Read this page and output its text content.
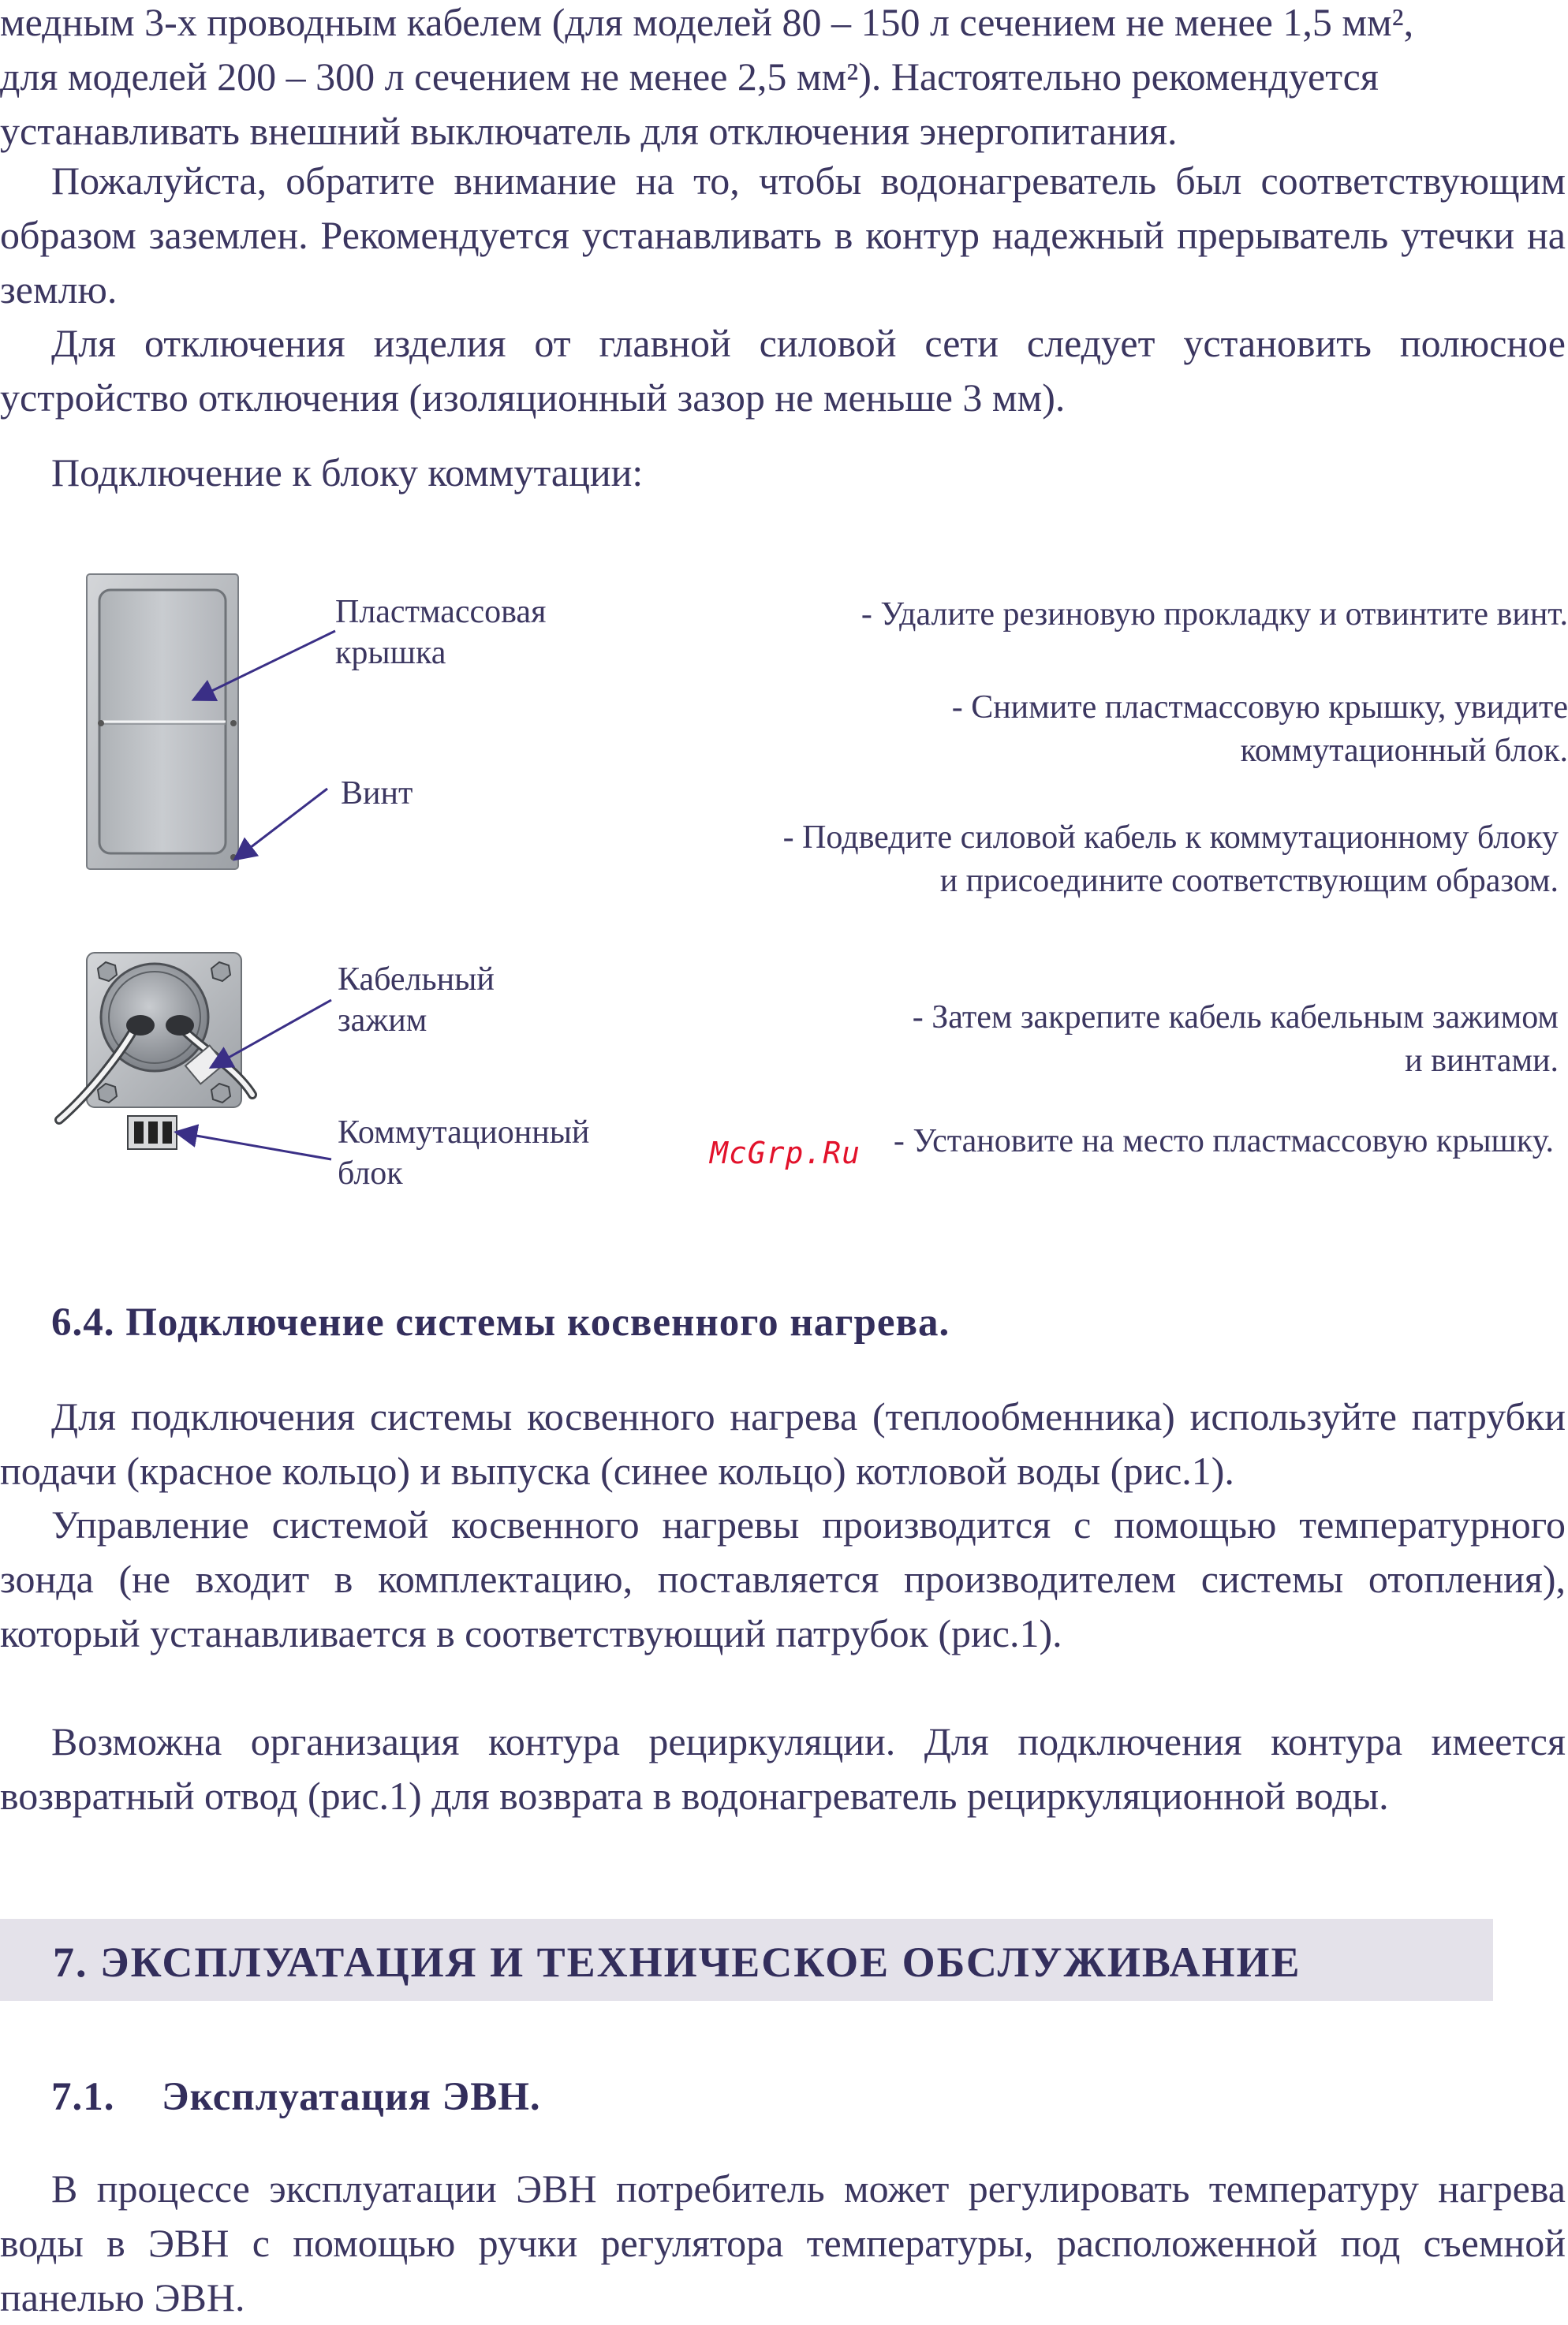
медным 3-х проводным кабелем (для моделей 80 – 150 л сечением не менее 1,5 мм²,
для моделей 200 – 300 л сечением не менее 2,5 мм²). Настоятельно рекомендуется
устанавливать внешний выключатель для отключения энергопитания.

Пожалуйста, обратите внимание на то, чтобы водонагреватель был соответствующим образом заземлен. Рекомендуется устанавливать в контур надежный прерыватель утечки на землю.

Для отключения изделия от главной силовой сети следует установить полюсное устройство отключения (изоляционный зазор не меньше 3 мм).

Подключение к блоку коммутации:

Пластмассовая
крышка
Винт
Кабельный
зажим
Коммутационный
блок
- Удалите резиновую прокладку и отвинтите винт.
- Снимите пластмассовую крышку, увидите
коммутационный блок.
- Подведите силовой кабель к коммутационному блоку
и присоедините соответствующим образом.
- Затем закрепите кабель кабельным зажимом
и винтами.
- Установите на место пластмассовую крышку.
McGrp.Ru
6.4. Подключение системы косвенного нагрева.

Для подключения системы косвенного нагрева (теплообменника) используйте патрубки подачи (красное кольцо) и выпуска (синее кольцо) котловой воды (рис.1).

Управление системой косвенного нагревы производится с помощью температурного зонда (не входит в комплектацию, поставляется производителем системы отопления), который устанавливается в соответствующий патрубок (рис.1).

Возможна организация контура рециркуляции. Для подключения контура имеется возвратный отвод (рис.1) для возврата в водонагреватель рециркуляционной воды.

7. ЭКСПЛУАТАЦИЯ И ТЕХНИЧЕСКОЕ ОБСЛУЖИВАНИЕ
7.1. Эксплуатация ЭВН.

В процессе эксплуатации ЭВН потребитель может регулировать температуру нагрева воды в ЭВН с помощью ручки регулятора температуры, расположенной под съемной панелью ЭВН.
